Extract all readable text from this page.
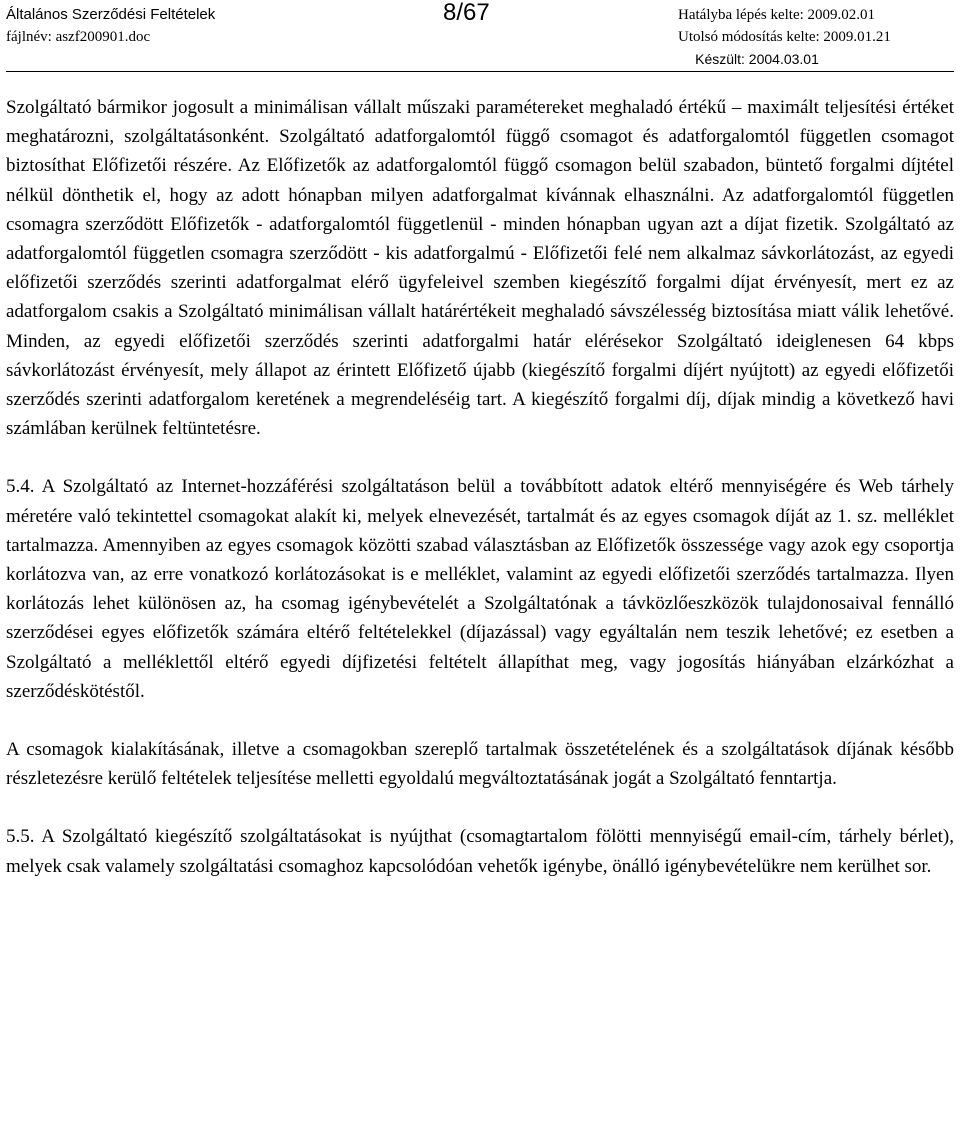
Általános Szerződési Feltételek
fájlnév: aszf200901.doc
8/67	Hatályba lépés kelte: 2009.02.01
Utolsó módosítás kelte: 2009.01.21
Készült: 2004.03.01

Szolgáltató bármikor jogosult a minimálisan vállalt műszaki paramétereket meghaladó értékű – maximált teljesítési értéket meghatározni, szolgáltatásonként. Szolgáltató adatforgalomtól függő csomagot és adatforgalomtól független csomagot biztosíthat Előfizetői részére. Az Előfizetők az adatforgalomtól függő csomagon belül szabadon, büntető forgalmi díjtétel nélkül dönthetik el, hogy az adott hónapban milyen adatforgalmat kívánnak elhasználni. Az adatforgalomtól független csomagra szerződött Előfizetők - adatforgalomtól függetlenül - minden hónapban ugyan azt a díjat fizetik. Szolgáltató az adatforgalomtól független csomagra szerződött - kis adatforgalmú - Előfizetői felé nem alkalmaz sávkorlátozást, az egyedi előfizetői szerződés szerinti adatforgalmat elérő ügyfeleivel szemben kiegészítő forgalmi díjat érvényesít, mert ez az adatforgalom csakis a Szolgáltató minimálisan vállalt határértékeit meghaladó sávszélesség biztosítása miatt válik lehetővé. Minden, az egyedi előfizetői szerződés szerinti adatforgalmi határ elérésekor Szolgáltató ideiglenesen 64 kbps sávkorlátozást érvényesít, mely állapot az érintett Előfizető újabb (kiegészítő forgalmi díjért nyújtott) az egyedi előfizetői szerződés szerinti adatforgalom keretének a megrendeléséig tart. A kiegészítő forgalmi díj, díjak mindig a következő havi számlában kerülnek feltüntetésre.

5.4. A Szolgáltató az Internet-hozzáférési szolgáltatáson belül a továbbított adatok eltérő mennyiségére és Web tárhely méretére való tekintettel csomagokat alakít ki, melyek elnevezését, tartalmát és az egyes csomagok díját az 1. sz. melléklet tartalmazza. Amennyiben az egyes csomagok közötti szabad választásban az Előfizetők összessége vagy azok egy csoportja korlátozva van, az erre vonatkozó korlátozásokat is e melléklet, valamint az egyedi előfizetői szerződés tartalmazza. Ilyen korlátozás lehet különösen az, ha csomag igénybevételét a Szolgáltatónak a távközlőeszközök tulajdonosaival fennálló szerződései egyes előfizetők számára eltérő feltételekkel (díjazással) vagy egyáltalán nem teszik lehetővé; ez esetben a Szolgáltató a melléklettől eltérő egyedi díjfizetési feltételt állapíthat meg, vagy jogosítás hiányában elzárkózhat a szerződéskötéstől.

A csomagok kialakításának, illetve a csomagokban szereplő tartalmak összetételének és a szolgáltatások díjának később részletezésre kerülő feltételek teljesítése melletti egyoldalú megváltoztatásának jogát a Szolgáltató fenntartja.

5.5. A Szolgáltató kiegészítő szolgáltatásokat is nyújthat (csomagtartalom fölötti mennyiségű email-cím, tárhely bérlet), melyek csak valamely szolgáltatási csomaghoz kapcsolódóan vehetők igénybe, önálló igénybevételükre nem kerülhet sor.
